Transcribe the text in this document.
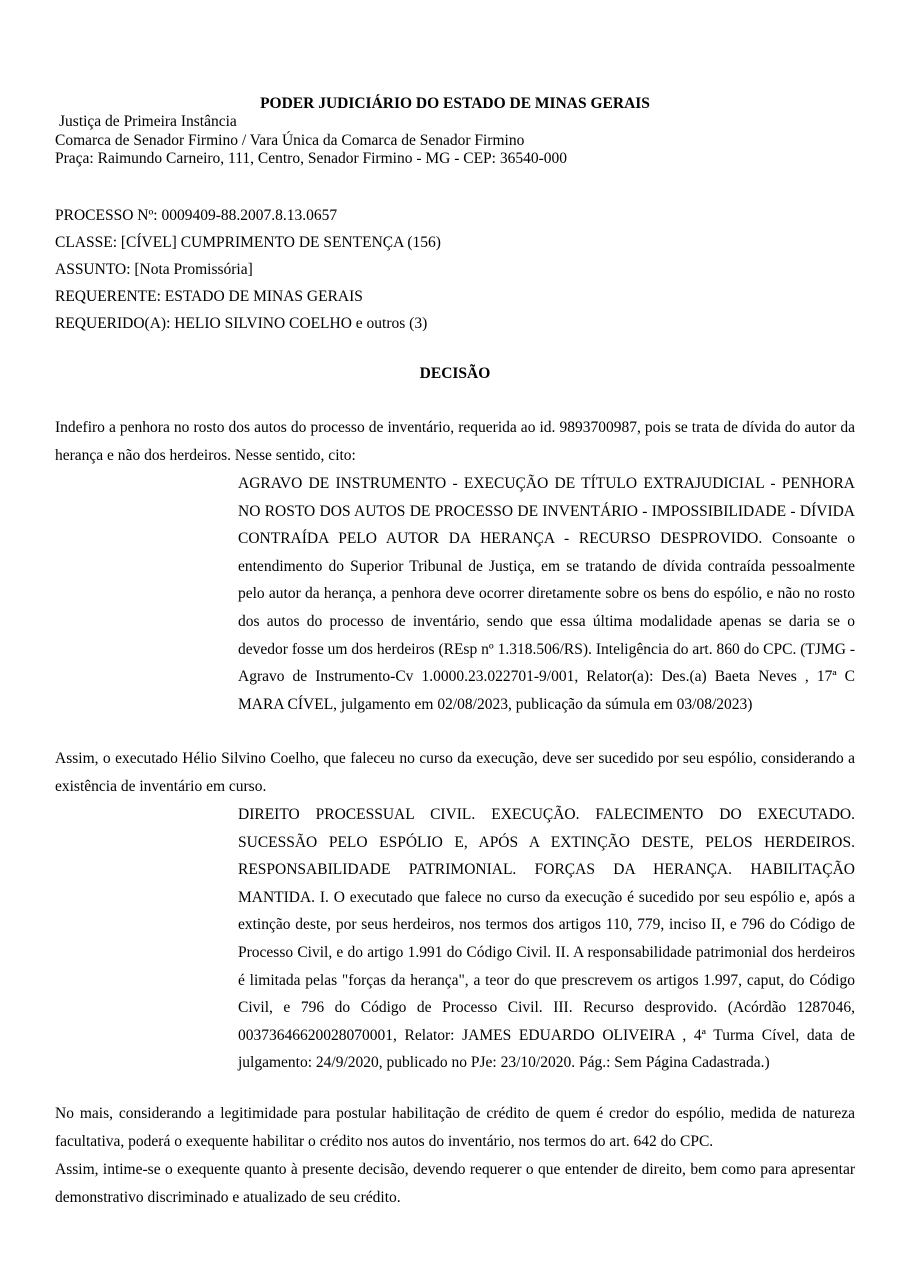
PODER JUDICIÁRIO DO ESTADO DE MINAS GERAIS
Justiça de Primeira Instância
Comarca de Senador Firmino / Vara Única da Comarca de Senador Firmino
Praça: Raimundo Carneiro, 111, Centro, Senador Firmino - MG - CEP: 36540-000
PROCESSO Nº: 0009409-88.2007.8.13.0657
CLASSE: [CÍVEL] CUMPRIMENTO DE SENTENÇA (156)
ASSUNTO: [Nota Promissória]
REQUERENTE: ESTADO DE MINAS GERAIS
REQUERIDO(A): HELIO SILVINO COELHO e outros (3)
DECISÃO

Indefiro a penhora no rosto dos autos do processo de inventário, requerida ao id. 9893700987, pois se trata de dívida do autor da herança e não dos herdeiros. Nesse sentido, cito:

AGRAVO DE INSTRUMENTO - EXECUÇÃO DE TÍTULO EXTRAJUDICIAL - PENHORA NO ROSTO DOS AUTOS DE PROCESSO DE INVENTÁRIO - IMPOSSIBILIDADE - DÍVIDA CONTRAÍDA PELO AUTOR DA HERANÇA - RECURSO DESPROVIDO. Consoante o entendimento do Superior Tribunal de Justiça, em se tratando de dívida contraída pessoalmente pelo autor da herança, a penhora deve ocorrer diretamente sobre os bens do espólio, e não no rosto dos autos do processo de inventário, sendo que essa última modalidade apenas se daria se o devedor fosse um dos herdeiros (REsp nº 1.318.506/RS). Inteligência do art. 860 do CPC. (TJMG - Agravo de Instrumento-Cv 1.0000.23.022701-9/001, Relator(a): Des.(a) Baeta Neves , 17ª C MARA CÍVEL, julgamento em 02/08/2023, publicação da súmula em 03/08/2023)

Assim, o executado Hélio Silvino Coelho, que faleceu no curso da execução, deve ser sucedido por seu espólio, considerando a existência de inventário em curso.

DIREITO PROCESSUAL CIVIL. EXECUÇÃO. FALECIMENTO DO EXECUTADO. SUCESSÃO PELO ESPÓLIO E, APÓS A EXTINÇÃO DESTE, PELOS HERDEIROS. RESPONSABILIDADE PATRIMONIAL. FORÇAS DA HERANÇA. HABILITAÇÃO MANTIDA. I. O executado que falece no curso da execução é sucedido por seu espólio e, após a extinção deste, por seus herdeiros, nos termos dos artigos 110, 779, inciso II, e 796 do Código de Processo Civil, e do artigo 1.991 do Código Civil. II. A responsabilidade patrimonial dos herdeiros é limitada pelas "forças da herança", a teor do que prescrevem os artigos 1.997, caput, do Código Civil, e 796 do Código de Processo Civil. III. Recurso desprovido. (Acórdão 1287046, 00373646620028070001, Relator: JAMES EDUARDO OLIVEIRA , 4ª Turma Cível, data de julgamento: 24/9/2020, publicado no PJe: 23/10/2020. Pág.: Sem Página Cadastrada.)

No mais, considerando a legitimidade para postular habilitação de crédito de quem é credor do espólio, medida de natureza facultativa, poderá o exequente habilitar o crédito nos autos do inventário, nos termos do art. 642 do CPC.

Assim, intime-se o exequente quanto à presente decisão, devendo requerer o que entender de direito, bem como para apresentar demonstrativo discriminado e atualizado de seu crédito.
